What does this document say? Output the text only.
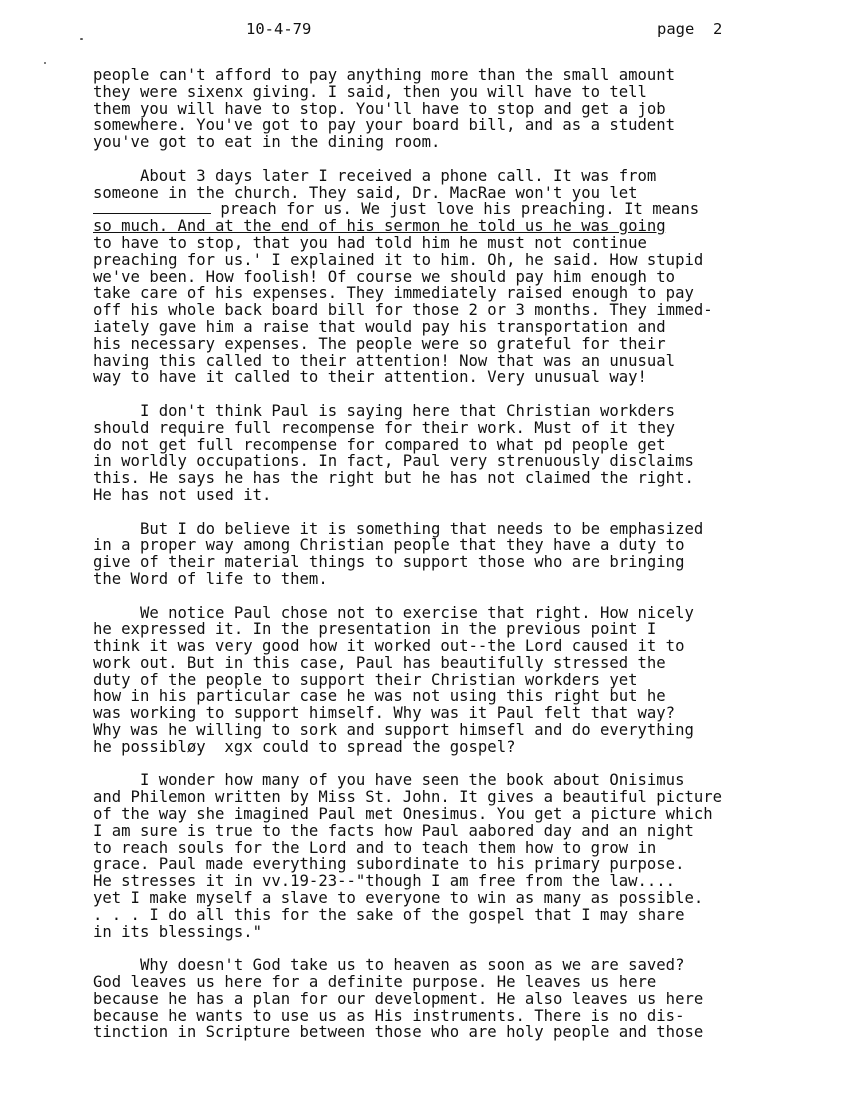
10-4-79	page  2

people can't afford to pay anything more than the small amount
they were sixenx giving. I said, then you will have to tell
them you will have to stop. You'll have to stop and get a job
somewhere. You've got to pay your board bill, and as a student
you've got to eat in the dining room.

About 3 days later I received a phone call. It was from
someone in the church. They said, Dr. MacRae won't you let
preach for us. We just love his preaching. It means
so much. And at the end of his sermon he told us he was going
to have to stop, that you had told him he must not continue
preaching for us.' I explained it to him. Oh, he said. How stupid
we've been. How foolish! Of course we should pay him enough to
take care of his expenses. They immediately raised enough to pay
off his whole back board bill for those 2 or 3 months. They immed-
iately gave him a raise that would pay his transportation and
his necessary expenses. The people were so grateful for their
having this called to their attention! Now that was an unusual
way to have it called to their attention. Very unusual way!

I don't think Paul is saying here that Christian workders
should require full recompense for their work. Must of it they
do not get full recompense for compared to what pd people get
in worldly occupations. In fact, Paul very strenuously disclaims
this. He says he has the right but he has not claimed the right.
He has not used it.

But I do believe it is something that needs to be emphasized
in a proper way among Christian people that they have a duty to
give of their material things to support those who are bringing
the Word of life to them.

We notice Paul chose not to exercise that right. How nicely
he expressed it. In the presentation in the previous point I
think it was very good how it worked out--the Lord caused it to
work out. But in this case, Paul has beautifully stressed the
duty of the people to support their Christian workders yet
how in his particular case he was not using this right but he
was working to support himself. Why was it Paul felt that way?
Why was he willing to sork and support himsefl and do everything
he possibløy  xgx could to spread the gospel?

I wonder how many of you have seen the book about Onisimus
and Philemon written by Miss St. John. It gives a beautiful picture
of the way she imagined Paul met Onesimus. You get a picture which
I am sure is true to the facts how Paul aabored day and an night
to reach souls for the Lord and to teach them how to grow in
grace. Paul made everything subordinate to his primary purpose.
He stresses it in vv.19-23--"though I am free from the law....
yet I make myself a slave to everyone to win as many as possible.
. . . I do all this for the sake of the gospel that I may share
in its blessings."

Why doesn't God take us to heaven as soon as we are saved?
God leaves us here for a definite purpose. He leaves us here
because he has a plan for our development. He also leaves us here
because he wants to use us as His instruments. There is no dis-
tinction in Scripture between those who are holy people and those
